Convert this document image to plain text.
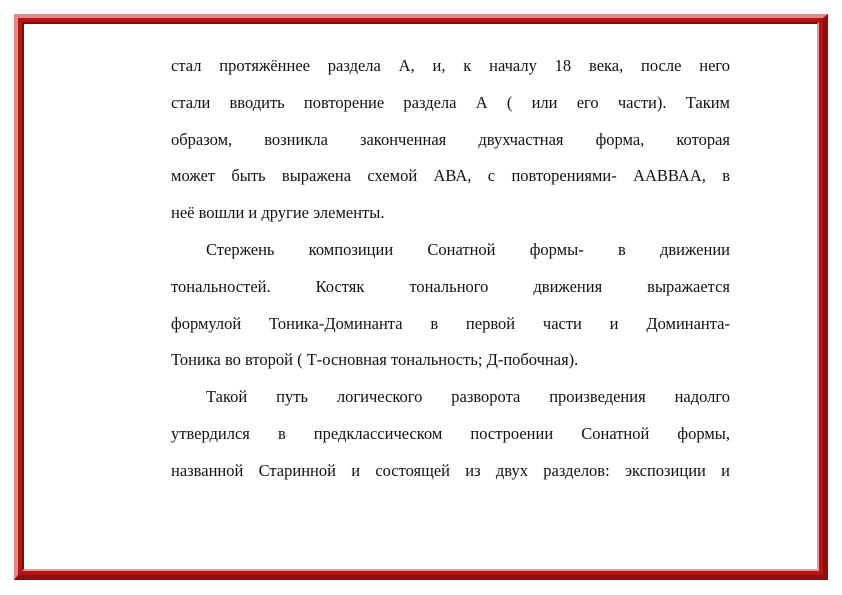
стал протяжённее раздела А, и, к началу 18 века, после него
стали вводить повторение раздела А ( или его части). Таким
образом, возникла законченная двухчастная форма, которая
может быть выражена схемой АВА, с повторениями- ААВВАА, в
неё вошли и другие элементы.
Стержень композиции Сонатной формы- в движении
тональностей. Костяк тонального движения выражается
формулой Тоника-Доминанта в первой части и Доминанта-
Тоника во второй ( Т-основная тональность; Д-побочная).
Такой путь логического разворота произведения надолго
утвердился в предклассическом построении Сонатной формы,
названной Старинной и состоящей из двух разделов: экспозиции и
